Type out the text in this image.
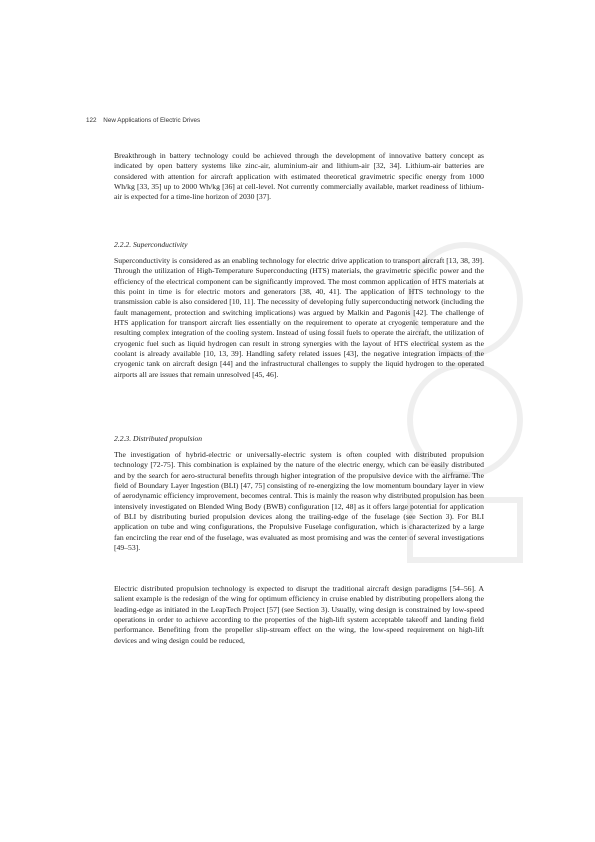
122 New Applications of Electric Drives

Breakthrough in battery technology could be achieved through the development of innovative battery concept as indicated by open battery systems like zinc-air, aluminium-air and lithium-air [32, 34]. Lithium-air batteries are considered with attention for aircraft application with estimated theoretical gravimetric specific energy from 1000 Wh/kg [33, 35] up to 2000 Wh/kg [36] at cell-level. Not currently commercially available, market readiness of lithium-air is expected for a time-line horizon of 2030 [37].

2.2.2. Superconductivity

Superconductivity is considered as an enabling technology for electric drive application to transport aircraft [13, 38, 39]. Through the utilization of High-Temperature Superconducting (HTS) materials, the gravimetric specific power and the efficiency of the electrical component can be significantly improved. The most common application of HTS materials at this point in time is for electric motors and generators [38, 40, 41]. The application of HTS technology to the transmission cable is also considered [10, 11]. The necessity of developing fully superconducting network (including the fault management, protection and switching implications) was argued by Malkin and Pagonis [42]. The challenge of HTS application for transport aircraft lies essentially on the requirement to operate at cryogenic temperature and the resulting complex integration of the cooling system. Instead of using fossil fuels to operate the aircraft, the utilization of cryogenic fuel such as liquid hydrogen can result in strong synergies with the layout of HTS electrical system as the coolant is already available [10, 13, 39]. Handling safety related issues [43], the negative integration impacts of the cryogenic tank on aircraft design [44] and the infrastructural challenges to supply the liquid hydrogen to the operated airports all are issues that remain unresolved [45, 46].

2.2.3. Distributed propulsion

The investigation of hybrid-electric or universally-electric system is often coupled with distributed propulsion technology [72-75]. This combination is explained by the nature of the electric energy, which can be easily distributed and by the search for aero-structural benefits through higher integration of the propulsive device with the airframe. The field of Boundary Layer Ingestion (BLI) [47, 75] consisting of re-energizing the low momentum boundary layer in view of aerodynamic efficiency improvement, becomes central. This is mainly the reason why distributed propulsion has been intensively investigated on Blended Wing Body (BWB) configuration [12, 48] as it offers large potential for application of BLI by distributing buried propulsion devices along the trailing-edge of the fuselage (see Section 3). For BLI application on tube and wing configurations, the Propulsive Fuselage configuration, which is characterized by a large fan encircling the rear end of the fuselage, was evaluated as most promising and was the center of several investigations [49–53].

Electric distributed propulsion technology is expected to disrupt the traditional aircraft design paradigms [54–56]. A salient example is the redesign of the wing for optimum efficiency in cruise enabled by distributing propellers along the leading-edge as initiated in the LeapTech Project [57] (see Section 3). Usually, wing design is constrained by low-speed operations in order to achieve according to the properties of the high-lift system acceptable takeoff and landing field performance. Benefiting from the propeller slip-stream effect on the wing, the low-speed requirement on high-lift devices and wing design could be reduced,
